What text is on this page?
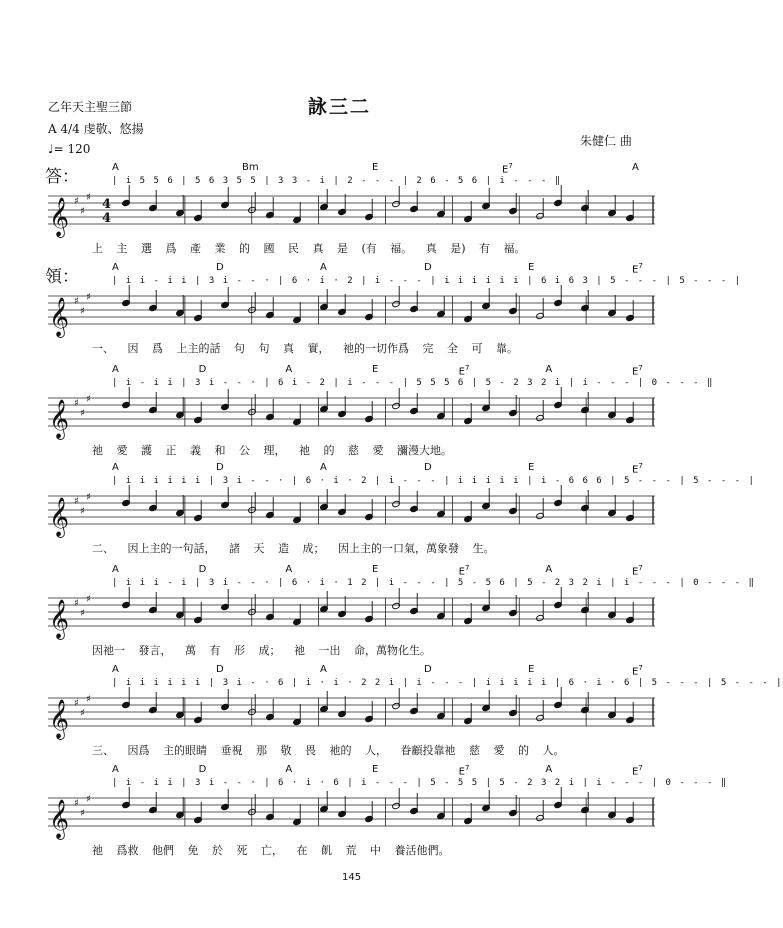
乙年天主聖三節
A 4/4 虔敬、悠揚
♩= 120
詠三二
朱健仁 曲
答：	A	Bm	E	$E^7$	A
| i 5 5 6 | 5 6 3 5 5 | 3 3 - i | 2 - - - | 2 6 - 5 6 | i - - - ‖
𝄞 ♯
♯
♯ 4
4
上 主 選 爲 產 業 的 國 民 真 是 (有 福。 真 是) 有 福。
領：	A	D	A	D	E	$E^7$
| i i - i i | 3 i - - · | 6 · i · 2 | i - - - | i i i i i i | 6 i 6 3 | 5 - - - | 5 - - - |
𝄞 ♯
♯
♯
一、 因 爲 上主的話 句 句 真 實， 祂的一切作爲 完 全 可 靠。
A	D	A	E	$E^7$	A	$E^7$
| i - i i | 3 i - - · | 6 i - 2 | i - - - | 5 5 5 6 | 5 - 2 3 2 i | i - - - | 0 - - - ‖
𝄞 ♯
♯
♯
祂 愛 護 正 義 和 公 理， 祂 的 慈 愛 瀰漫大地。
A	D	A	D	E	$E^7$
| i i i i i i | 3 i - - · | 6 · i · 2 | i - - - | i i i i i | i - 6 6 6 | 5 - - - | 5 - - - |
𝄞 ♯
♯
♯
二、 因上主的一句話， 諸 天 造 成； 因上主的一口氣，萬象發 生。
A	D	A	E	$E^7$	A	$E^7$
| i i i - i | 3 i - - · | 6 · i · 1 2 | i - - - | 5 - 5 6 | 5 - 2 3 2 i | i - - - | 0 - - - ‖
𝄞 ♯
♯
♯
因祂一 發言， 萬 有 形 成； 祂 一出 命，萬物化生。
A	D	A	D	E	$E^7$
| i i i i i i | 3 i - · 6 | i · i · 2 2 i | i - - - | i i i i i | 6 · i · 6 | 5 - - - | 5 - - - |
𝄞 ♯
♯
♯
三、 因爲 主的眼睛 垂視 那 敬 畏 祂的 人， 眷顧投靠祂 慈 愛 的 人。
A	D	A	E	$E^7$	A	$E^7$
| i - i i | 3 i - - · | 6 · i · 6 | i - - - | 5 - 5 5 | 5 - 2 3 2 i | i - - - | 0 - - - ‖
𝄞 ♯
♯
♯
祂 爲救 他們 免 於 死 亡， 在 飢 荒 中 養活他們。
145
